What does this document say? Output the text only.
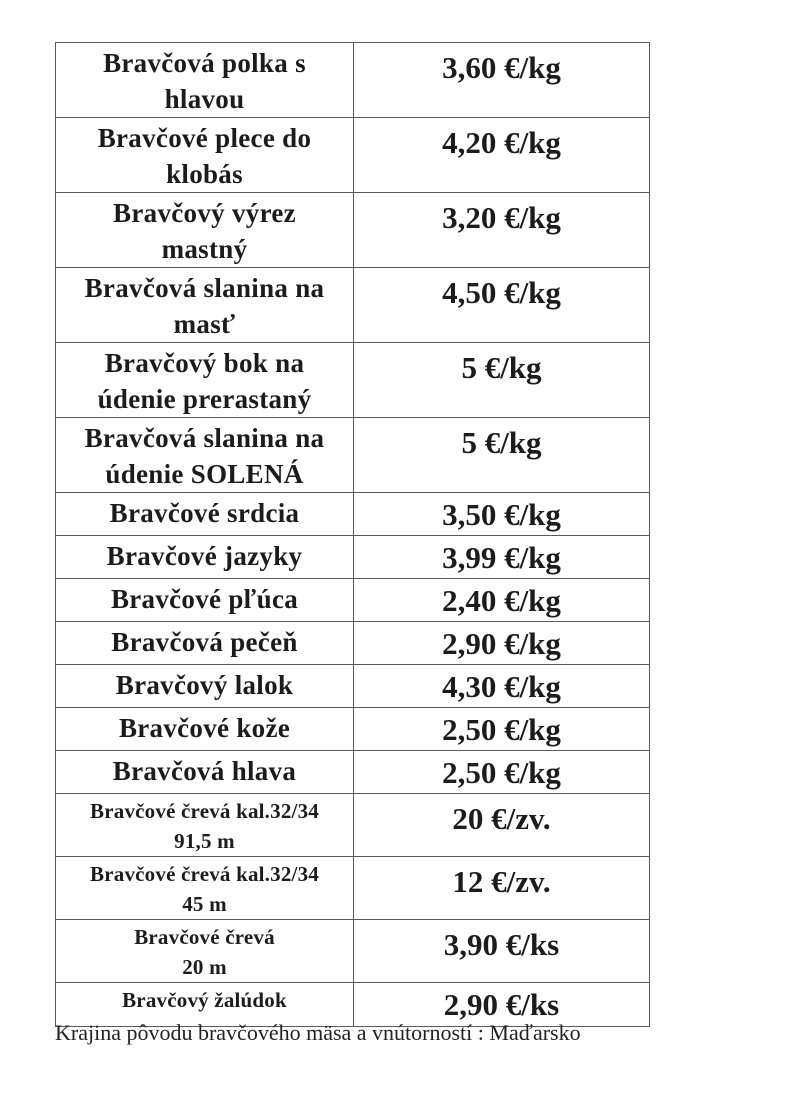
Bravčová polka s
hlavou	3,60 €/kg

Bravčové plece do
klobás	4,20 €/kg

Bravčový výrez
mastný	3,20 €/kg

Bravčová slanina na
masť	4,50 €/kg

Bravčový bok na
údenie prerastaný	5 €/kg

Bravčová slanina na
údenie SOLENÁ	5 €/kg

Bravčové srdcia	3,50 €/kg

Bravčové jazyky	3,99 €/kg

Bravčové pľúca	2,40 €/kg

Bravčová pečeň	2,90 €/kg

Bravčový lalok	4,30 €/kg

Bravčové kože	2,50 €/kg

Bravčová hlava	2,50 €/kg

Bravčové črevá kal.32/34
91,5 m	20 €/zv.

Bravčové črevá kal.32/34
45 m	12 €/zv.

Bravčové črevá
20 m	3,90 €/ks

Bravčový žalúdok	2,90 €/ks
Krajina pôvodu bravčového mäsa a vnútorností : Maďarsko
